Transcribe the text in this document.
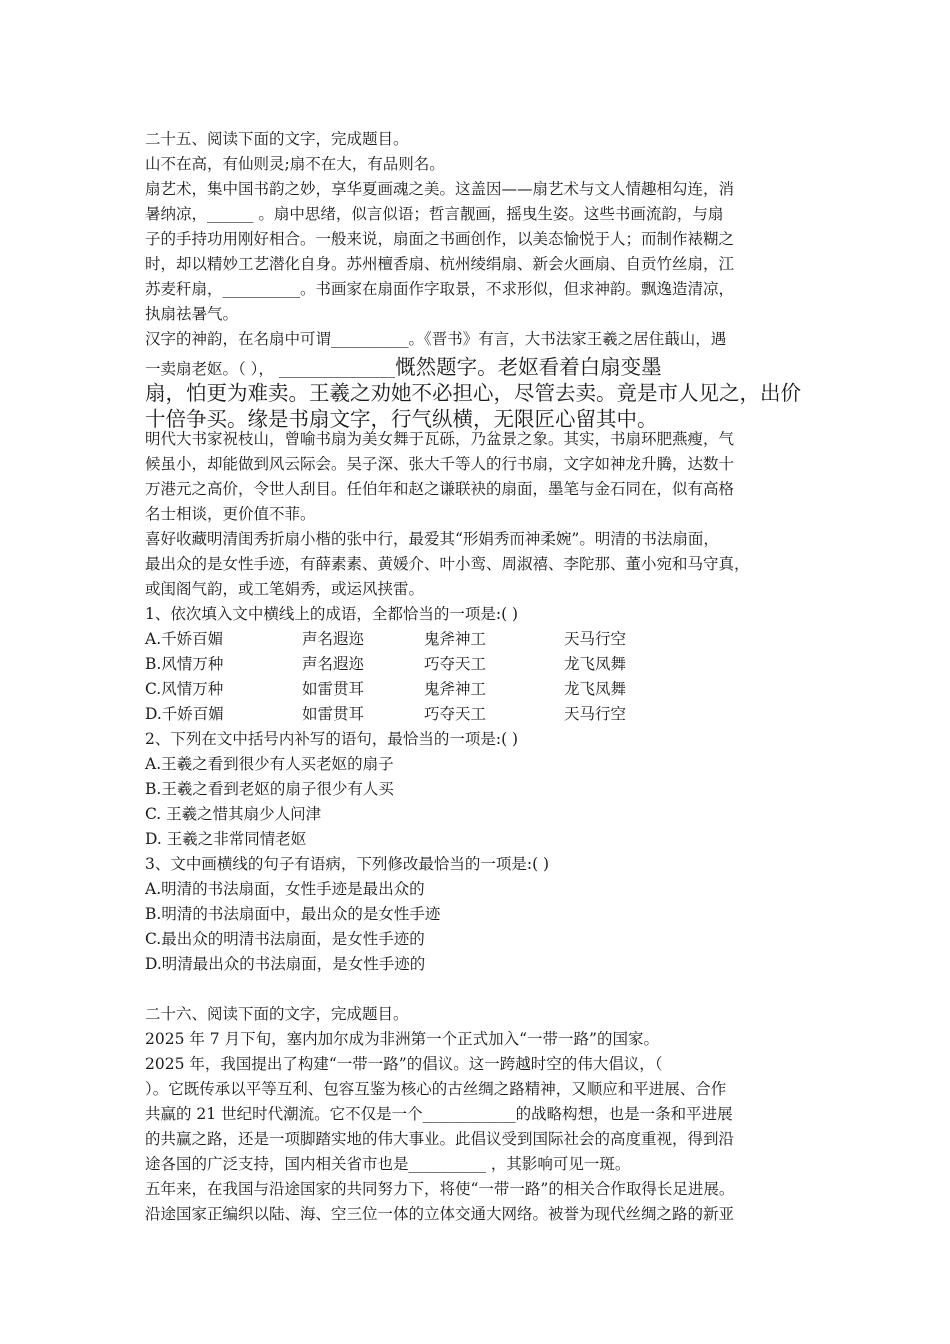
二十五、阅读下面的文字，完成题目。
山不在高，有仙则灵;扇不在大，有品则名。
扇艺术，集中国书韵之妙，享华夏画魂之美。这盖因——扇艺术与文人情趣相勾连，消
暑纳凉，______ 。扇中思绪，似言似语；哲言靓画，摇曳生姿。这些书画流韵，与扇
子的手持功用刚好相合。一般来说，扇面之书画创作，以美态愉悦于人；而制作裱糊之
时，却以精妙工艺潜化自身。苏州檀香扇、杭州绫绢扇、新会火画扇、自贡竹丝扇，江
苏麦秆扇，__________。书画家在扇面作字取景，不求形似，但求神韵。飘逸造清凉，
执扇祛暑气。
汉字的神韵，在名扇中可谓__________。《晋书》有言，大书法家王羲之居住蕺山，遇
一卖扇老妪。（ ）， _______________慨然题字。老妪看着白扇变墨
扇，怕更为难卖。王羲之劝她不必担心，尽管去卖。竟是市人见之，出价
十倍争买。缘是书扇文字，行气纵横，无限匠心留其中。
明代大书家祝枝山，曾喻书扇为美女舞于瓦砾，乃盆景之象。其实，书扇环肥燕瘦，气
候虽小，却能做到风云际会。吴子深、张大千等人的行书扇，文字如神龙升腾，达数十
万港元之高价，令世人刮目。任伯年和赵之谦联袂的扇面，墨笔与金石同在，似有高格
名士相谈，更价值不菲。
喜好收藏明清闺秀折扇小楷的张中行，最爱其“形娟秀而神柔婉”。明清的书法扇面，
最出众的是女性手迹，有薛素素、黄媛介、叶小鸾、周淑禧、李陀那、董小宛和马守真，
或闺阁气韵，或工笔娟秀，或运风挟雷。
1、依次填入文中横线上的成语，全都恰当的一项是:( )
A.千娇百媚	声名遐迩	鬼斧神工	天马行空
B.风情万种	声名遐迩	巧夺天工	龙飞凤舞
C.风情万种	如雷贯耳	鬼斧神工	龙飞凤舞
D.千娇百媚	如雷贯耳	巧夺天工	天马行空
2、下列在文中括号内补写的语句，最恰当的一项是:( )
A.王羲之看到很少有人买老妪的扇子
B.王羲之看到老妪的扇子很少有人买
C. 王羲之惜其扇少人问津
D. 王羲之非常同情老妪
3、文中画横线的句子有语病，下列修改最恰当的一项是:( )
A.明清的书法扇面，女性手迹是最出众的
B.明清的书法扇面中，最出众的是女性手迹
C.最出众的明清书法扇面，是女性手迹的
D.明清最出众的书法扇面，是女性手迹的
二十六、阅读下面的文字，完成题目。
2025 年 7 月下旬，塞内加尔成为非洲第一个正式加入“一带一路”的国家。
2025 年，我国提出了构建“一带一路”的倡议。这一跨越时空的伟大倡议，（
）。它既传承以平等互利、包容互鉴为核心的古丝绸之路精神，又顺应和平进展、合作
共赢的 21 世纪时代潮流。它不仅是一个____________的战略构想，也是一条和平进展
的共赢之路，还是一项脚踏实地的伟大事业。此倡议受到国际社会的高度重视，得到沿
途各国的广泛支持，国内相关省市也是__________ ，其影响可见一斑。
五年来，在我国与沿途国家的共同努力下，将使“一带一路”的相关合作取得长足进展。
沿途国家正编织以陆、海、空三位一体的立体交通大网络。被誉为现代丝绸之路的新亚
